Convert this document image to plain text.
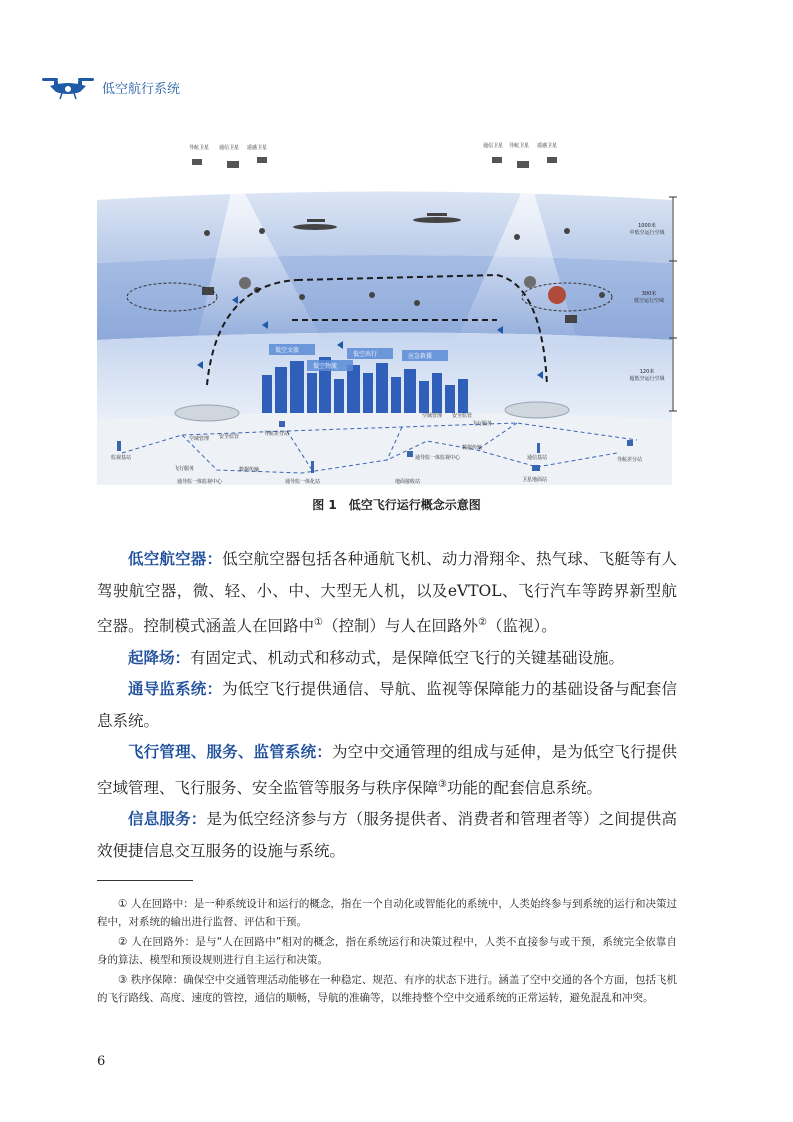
低空航行系统
导航卫星 通信卫星 遥感卫星	通信卫星 导航卫星 遥感卫星
低空文旅
低空物流
低空出行	应急救援
空域管理 安全监管
飞行服务	数据传输
通导监一体监视中心
空域管理 安全监管
飞行服务
数据传输
通导监一体监视中心
监视基站
导航差分站
通导监一体化站	地面接收站
通信基站
卫星地面站
导航差分站
1000米
中低空运行空域
300米
低空运行空域
120米
超低空运行空域
图 1　低空飞行运行概念示意图

低空航空器：低空航空器包括各种通航飞机、动力滑翔伞、热气球、飞艇等有人驾驶航空器，微、轻、小、中、大型无人机，以及eVTOL、飞行汽车等跨界新型航空器。控制模式涵盖人在回路中①（控制）与人在回路外②（监视）。

起降场：有固定式、机动式和移动式，是保障低空飞行的关键基础设施。

通导监系统：为低空飞行提供通信、导航、监视等保障能力的基础设备与配套信息系统。

飞行管理、服务、监管系统：为空中交通管理的组成与延伸，是为低空飞行提供空域管理、飞行服务、安全监管等服务与秩序保障③功能的配套信息系统。

信息服务：是为低空经济参与方（服务提供者、消费者和管理者等）之间提供高效便捷信息交互服务的设施与系统。

① 人在回路中：是一种系统设计和运行的概念，指在一个自动化或智能化的系统中，人类始终参与到系统的运行和决策过程中，对系统的输出进行监督、评估和干预。

② 人在回路外：是与“人在回路中”相对的概念，指在系统运行和决策过程中，人类不直接参与或干预，系统完全依靠自身的算法、模型和预设规则进行自主运行和决策。

③ 秩序保障：确保空中交通管理活动能够在一种稳定、规范、有序的状态下进行。涵盖了空中交通的各个方面，包括飞机的飞行路线、高度、速度的管控，通信的顺畅，导航的准确等，以维持整个空中交通系统的正常运转，避免混乱和冲突。

6
